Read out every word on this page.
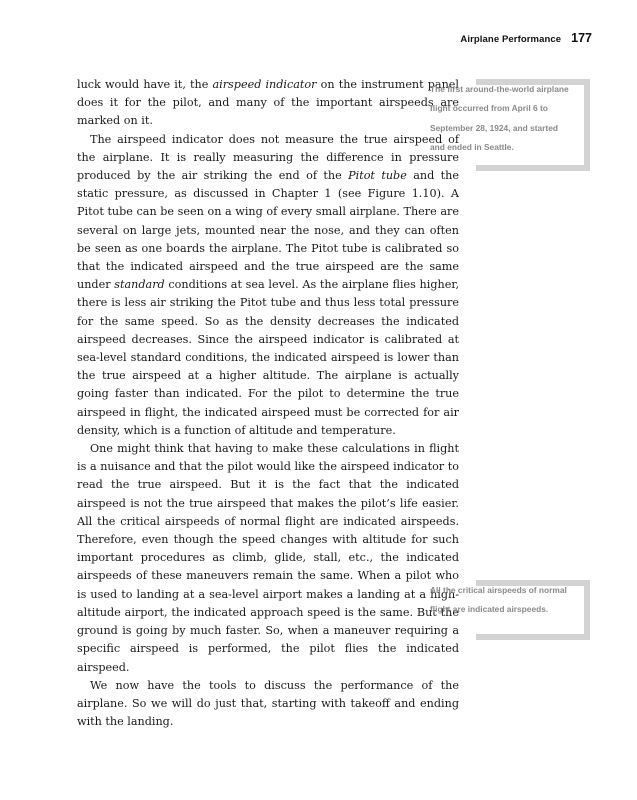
Airplane Performance 177

luck would have it, the airspeed indicator on the instrument panel does it for the pilot, and many of the important airspeeds are marked on it.

The airspeed indicator does not measure the true airspeed of the airplane. It is really measuring the difference in pressure produced by the air striking the end of the Pitot tube and the static pressure, as discussed in Chapter 1 (see Figure 1.10). A Pitot tube can be seen on a wing of every small airplane. There are several on large jets, mounted near the nose, and they can often be seen as one boards the airplane. The Pitot tube is calibrated so that the indicated airspeed and the true airspeed are the same under standard conditions at sea level. As the airplane flies higher, there is less air striking the Pitot tube and thus less total pressure for the same speed. So as the density decreases the indicated airspeed decreases. Since the airspeed indicator is calibrated at sea-level standard conditions, the indicated airspeed is lower than the true airspeed at a higher altitude. The airplane is actually going faster than indicated. For the pilot to determine the true airspeed in flight, the indicated airspeed must be corrected for air density, which is a function of altitude and temperature.

One might think that having to make these calculations in flight is a nuisance and that the pilot would like the airspeed indicator to read the true airspeed. But it is the fact that the indicated airspeed is not the true airspeed that makes the pilot’s life easier. All the critical airspeeds of normal flight are indicated airspeeds. Therefore, even though the speed changes with altitude for such important procedures as climb, glide, stall, etc., the indicated airspeeds of these maneuvers remain the same. When a pilot who is used to landing at a sea-level airport makes a landing at a high-altitude airport, the indicated approach speed is the same. But the ground is going by much faster. So, when a maneuver requiring a specific airspeed is performed, the pilot flies the indicated airspeed.

We now have the tools to discuss the performance of the airplane. So we will do just that, starting with takeoff and ending with the landing.

The first around-the-world airplane flight occurred from April 6 to September 28, 1924, and started and ended in Seattle.
All the critical airspeeds of normal flight are indicated airspeeds.
